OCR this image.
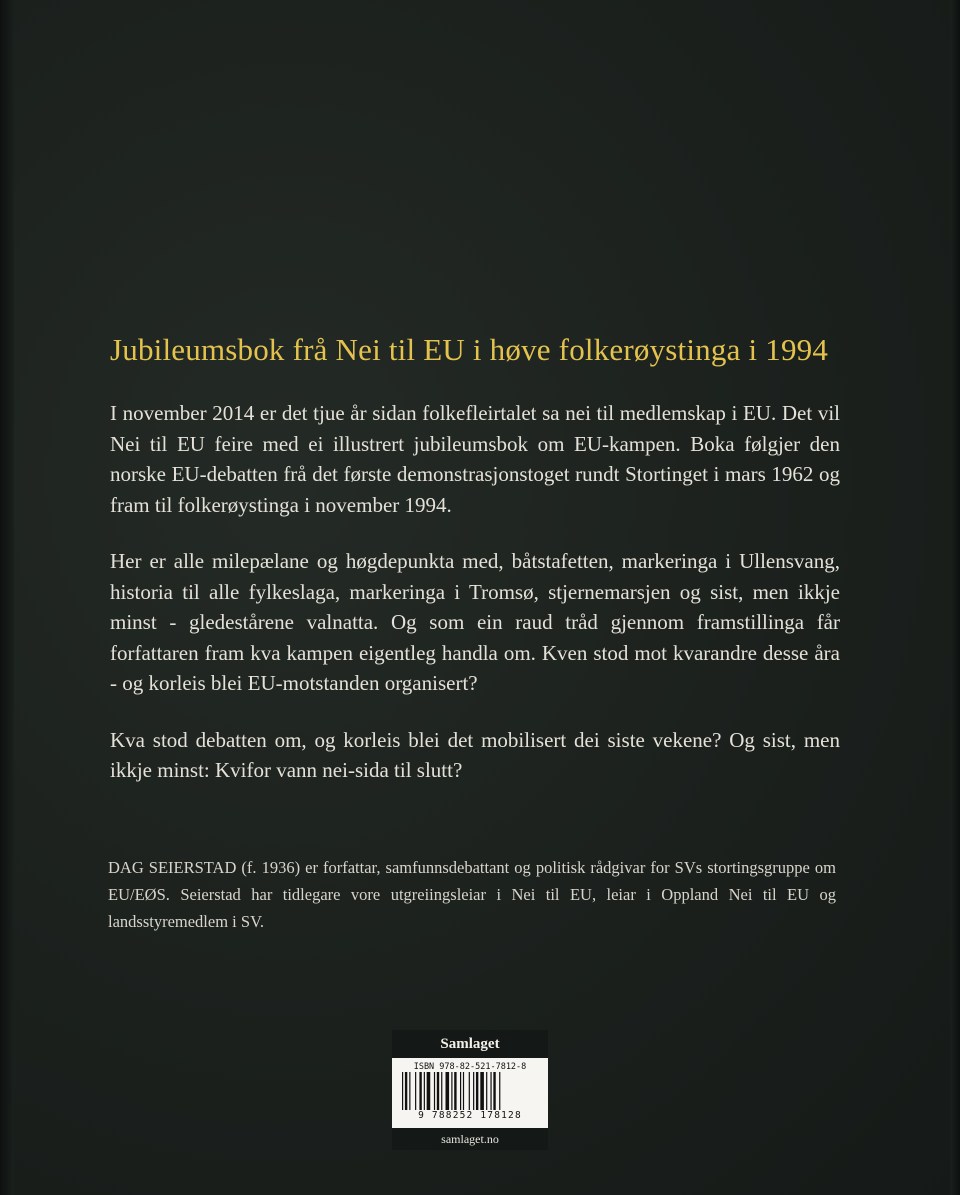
Jubileumsbok frå Nei til EU i høve folkerøystinga i 1994

I november 2014 er det tjue år sidan folkefleirtalet sa nei til medlemskap i EU. Det vil Nei til EU feire med ei illustrert jubileumsbok om EU-kampen. Boka følgjer den norske EU-debatten frå det første demonstrasjonstoget rundt Stortinget i mars 1962 og fram til folkerøystinga i november 1994.

Her er alle milepælane og høgdepunkta med, båtstafetten, markeringa i Ullensvang, historia til alle fylkeslaga, markeringa i Tromsø, stjernemarsjen og sist, men ikkje minst - gledestårene valnatta. Og som ein raud tråd gjennom framstillinga får forfattaren fram kva kampen eigentleg handla om. Kven stod mot kvarandre desse åra - og korleis blei EU-motstanden organisert?

Kva stod debatten om, og korleis blei det mobilisert dei siste vekene? Og sist, men ikkje minst: Kvifor vann nei-sida til slutt?

DAG SEIERSTAD (f. 1936) er forfattar, samfunnsdebattant og politisk rådgivar for SVs stortingsgruppe om EU/EØS. Seierstad har tidlegare vore utgreiingsleiar i Nei til EU, leiar i Oppland Nei til EU og landsstyremedlem i SV.

Samlaget
ISBN 978-82-521-7812-8
9 788252 178128
samlaget.no
